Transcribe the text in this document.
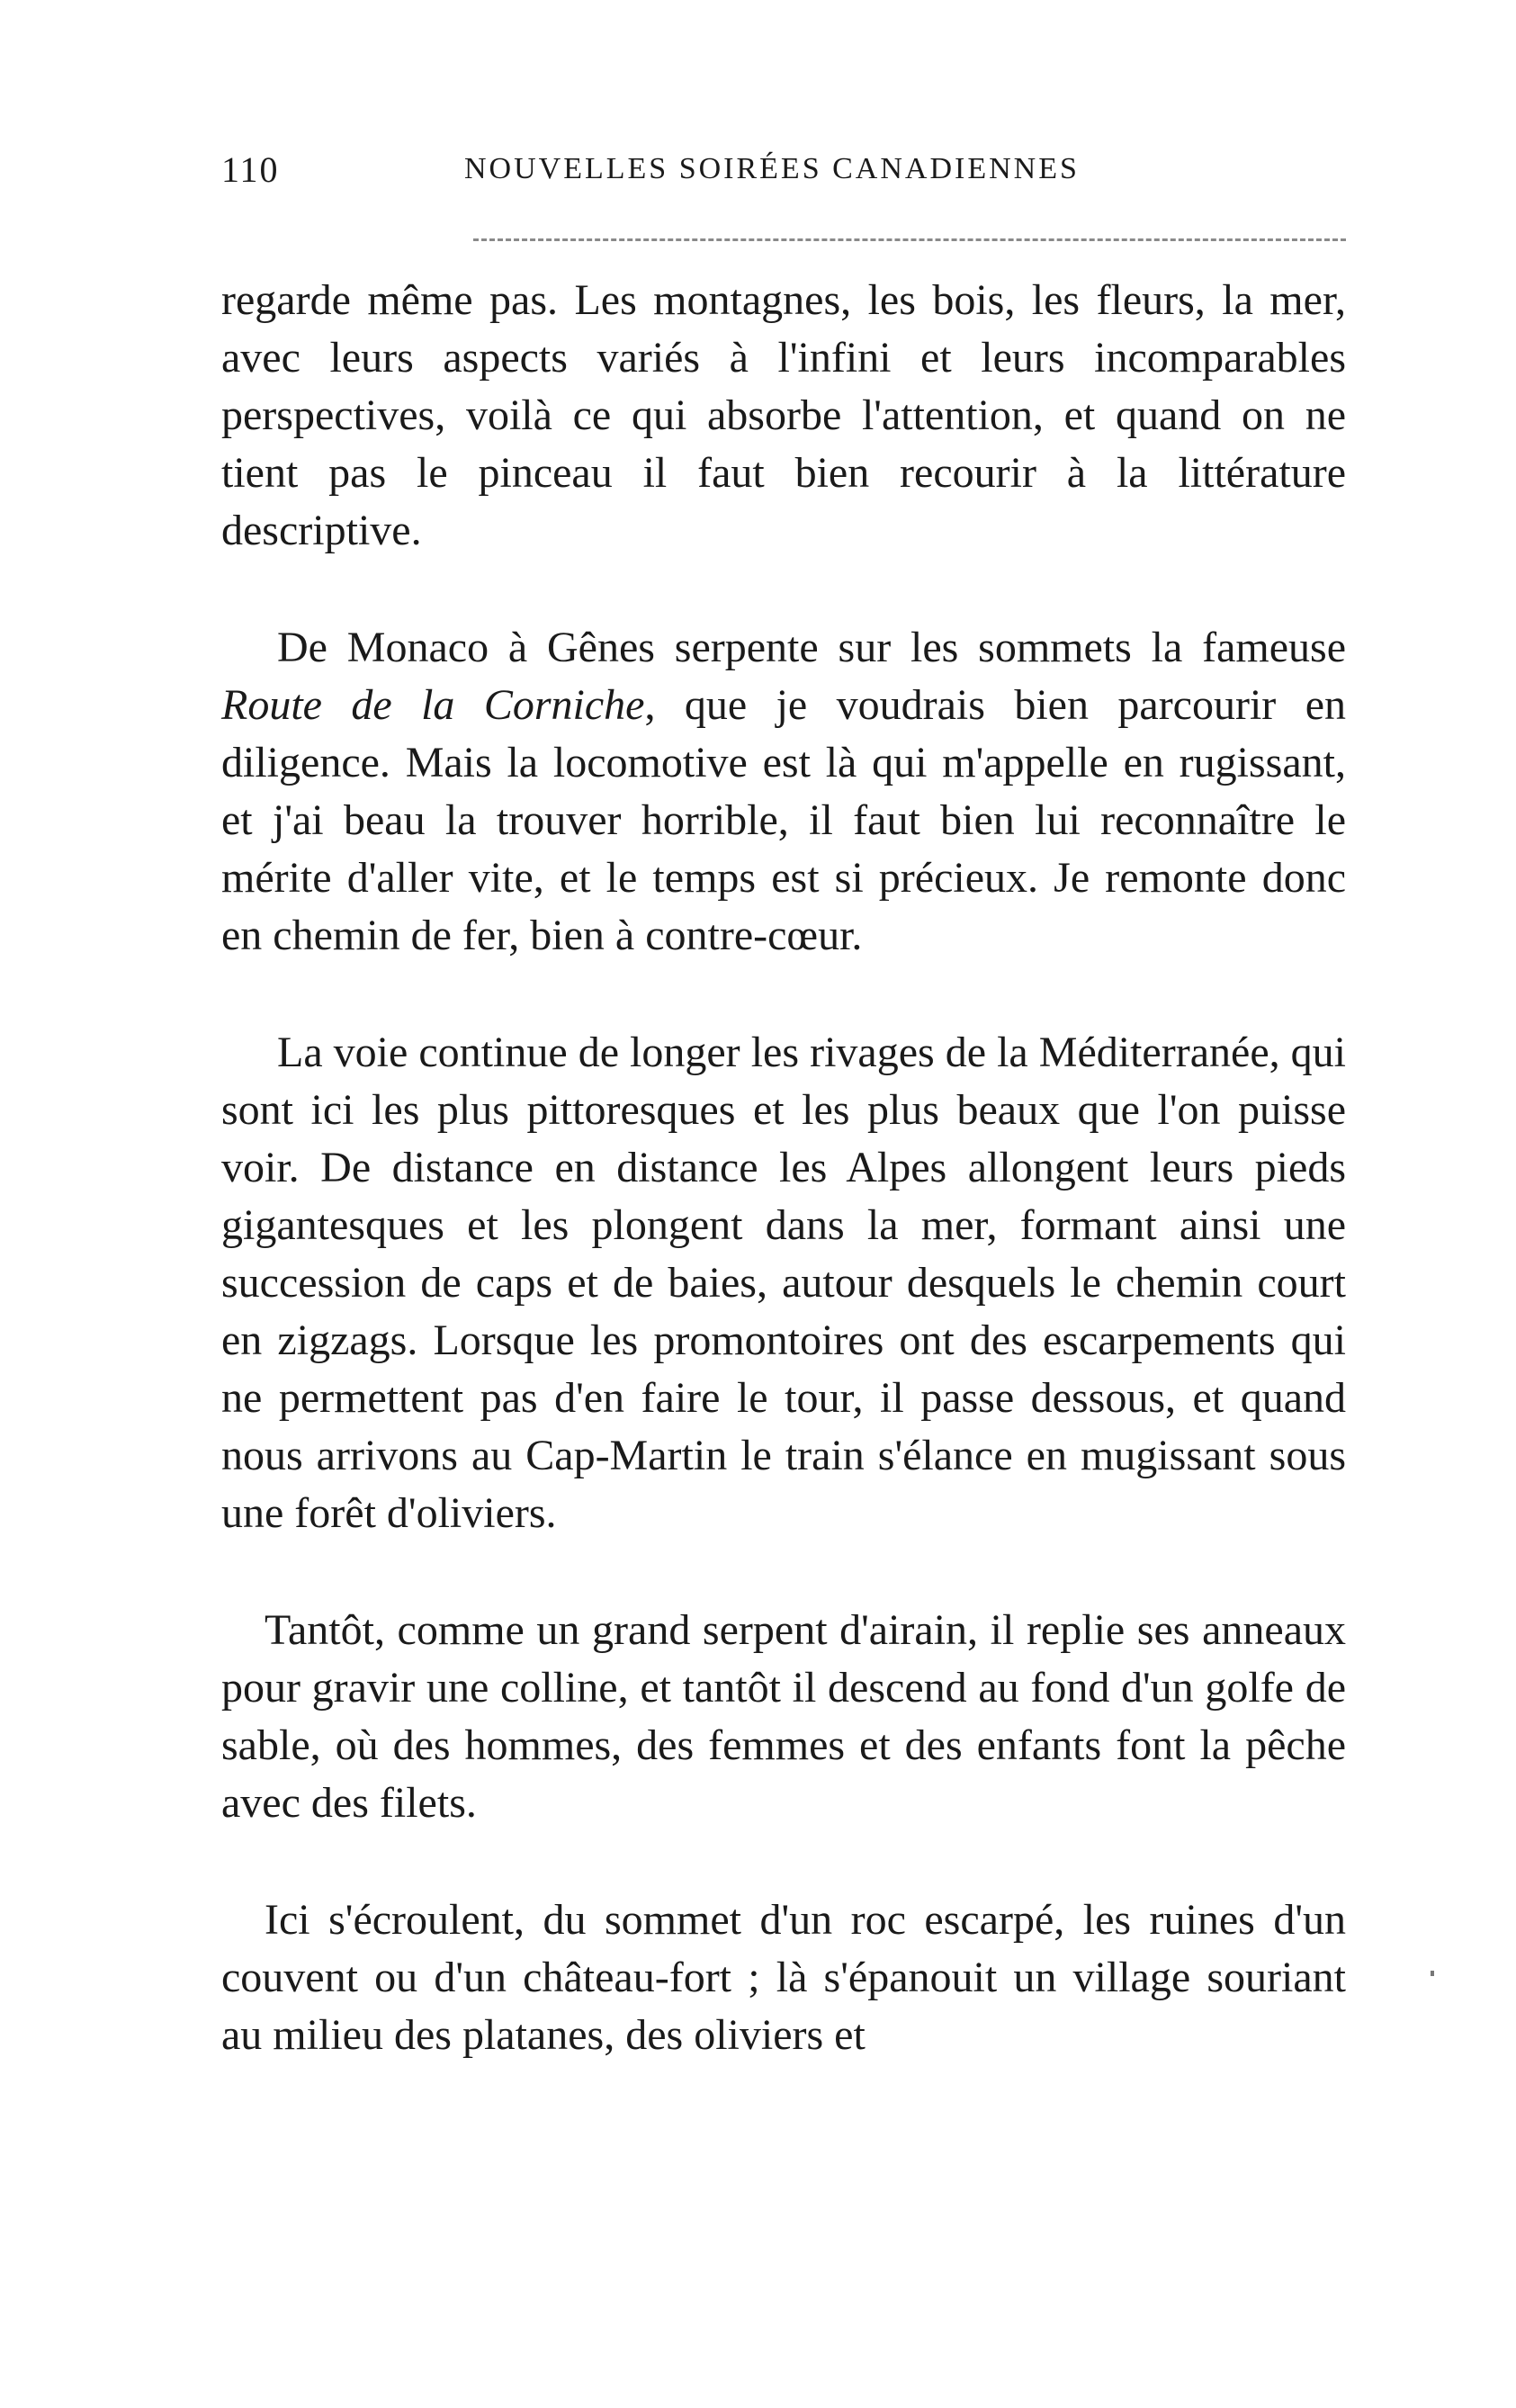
110	NOUVELLES SOIRÉES CANADIENNES

regarde même pas. Les montagnes, les bois, les fleurs, la mer, avec leurs aspects variés à l'infini et leurs incomparables perspectives, voilà ce qui absorbe l'attention, et quand on ne tient pas le pinceau il faut bien recourir à la littérature descriptive.

De Monaco à Gênes serpente sur les sommets la fameuse Route de la Corniche, que je voudrais bien parcourir en diligence. Mais la locomotive est là qui m'appelle en rugissant, et j'ai beau la trouver horrible, il faut bien lui reconnaître le mérite d'aller vite, et le temps est si précieux. Je remonte donc en chemin de fer, bien à contre-cœur.

La voie continue de longer les rivages de la Méditerranée, qui sont ici les plus pittoresques et les plus beaux que l'on puisse voir. De distance en distance les Alpes allongent leurs pieds gigantesques et les plongent dans la mer, formant ainsi une succession de caps et de baies, autour desquels le chemin court en zigzags. Lorsque les promontoires ont des escarpements qui ne permettent pas d'en faire le tour, il passe dessous, et quand nous arrivons au Cap-Martin le train s'élance en mugissant sous une forêt d'oliviers.

Tantôt, comme un grand serpent d'airain, il replie ses anneaux pour gravir une colline, et tantôt il descend au fond d'un golfe de sable, où des hommes, des femmes et des enfants font la pêche avec des filets.

Ici s'écroulent, du sommet d'un roc escarpé, les ruines d'un couvent ou d'un château-fort ; là s'épanouit un village souriant au milieu des platanes, des oliviers et
